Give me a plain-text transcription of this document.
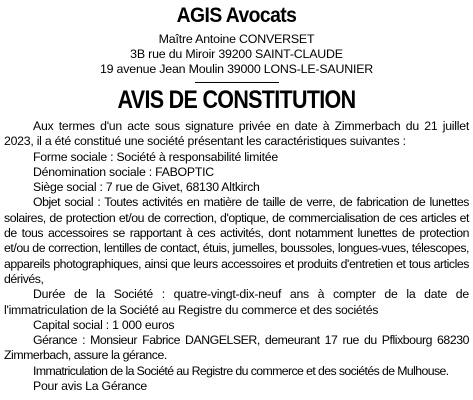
AGIS Avocats
Maître Antoine CONVERSET
3B rue du Miroir 39200 SAINT-CLAUDE
19 avenue Jean Moulin 39000 LONS-LE-SAUNIER
AVIS DE CONSTITUTION

Aux termes d'un acte sous signature privée en date à Zimmerbach du 21 juillet 2023, il a été constitué une société présentant les caractéristiques suivantes :

Forme sociale : Société à responsabilité limitée

Dénomination sociale : FABOPTIC

Siège social : 7 rue de Givet, 68130 Altkirch

Objet social : Toutes activités en matière de taille de verre, de fabrication de lunettes solaires, de protection et/ou de correction, d'optique, de commercialisation de ces articles et de tous accessoires se rapportant à ces activités, dont notamment lunettes de protection et/ou de correction, lentilles de contact, étuis, jumelles, boussoles, longues-vues, télescopes, appareils photographiques, ainsi que leurs accessoires et produits d'entretien et tous articles dérivés,

Durée de la Société : quatre-vingt-dix-neuf ans à compter de la date de l'immatriculation de la Société au Registre du commerce et des sociétés

Capital social : 1 000 euros

Gérance : Monsieur Fabrice DANGELSER, demeurant 17 rue du Pflixbourg 68230 Zimmerbach, assure la gérance.

Immatriculation de la Société au Registre du commerce et des sociétés de Mulhouse.

Pour avis La Gérance
